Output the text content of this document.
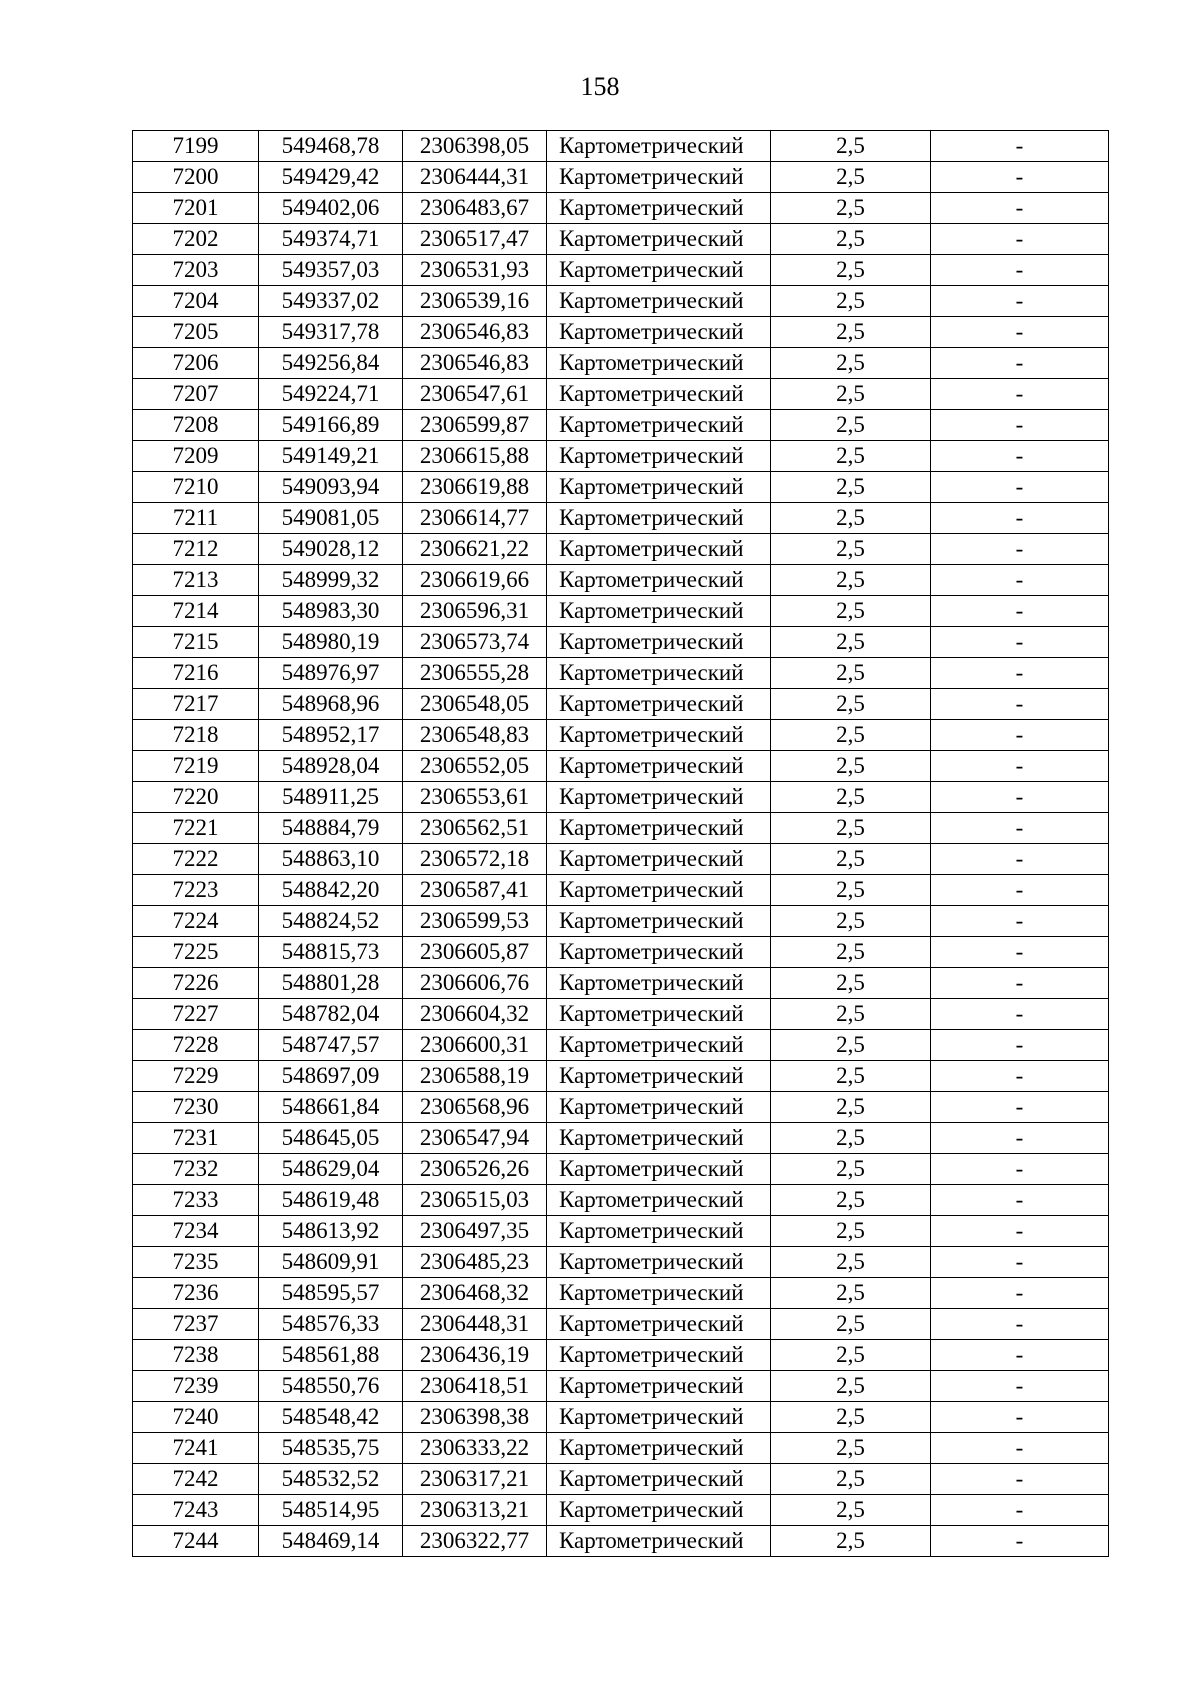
158
7199	549468,78	2306398,05	Картометрический	2,5	-
7200	549429,42	2306444,31	Картометрический	2,5	-
7201	549402,06	2306483,67	Картометрический	2,5	-
7202	549374,71	2306517,47	Картометрический	2,5	-
7203	549357,03	2306531,93	Картометрический	2,5	-
7204	549337,02	2306539,16	Картометрический	2,5	-
7205	549317,78	2306546,83	Картометрический	2,5	-
7206	549256,84	2306546,83	Картометрический	2,5	-
7207	549224,71	2306547,61	Картометрический	2,5	-
7208	549166,89	2306599,87	Картометрический	2,5	-
7209	549149,21	2306615,88	Картометрический	2,5	-
7210	549093,94	2306619,88	Картометрический	2,5	-
7211	549081,05	2306614,77	Картометрический	2,5	-
7212	549028,12	2306621,22	Картометрический	2,5	-
7213	548999,32	2306619,66	Картометрический	2,5	-
7214	548983,30	2306596,31	Картометрический	2,5	-
7215	548980,19	2306573,74	Картометрический	2,5	-
7216	548976,97	2306555,28	Картометрический	2,5	-
7217	548968,96	2306548,05	Картометрический	2,5	-
7218	548952,17	2306548,83	Картометрический	2,5	-
7219	548928,04	2306552,05	Картометрический	2,5	-
7220	548911,25	2306553,61	Картометрический	2,5	-
7221	548884,79	2306562,51	Картометрический	2,5	-
7222	548863,10	2306572,18	Картометрический	2,5	-
7223	548842,20	2306587,41	Картометрический	2,5	-
7224	548824,52	2306599,53	Картометрический	2,5	-
7225	548815,73	2306605,87	Картометрический	2,5	-
7226	548801,28	2306606,76	Картометрический	2,5	-
7227	548782,04	2306604,32	Картометрический	2,5	-
7228	548747,57	2306600,31	Картометрический	2,5	-
7229	548697,09	2306588,19	Картометрический	2,5	-
7230	548661,84	2306568,96	Картометрический	2,5	-
7231	548645,05	2306547,94	Картометрический	2,5	-
7232	548629,04	2306526,26	Картометрический	2,5	-
7233	548619,48	2306515,03	Картометрический	2,5	-
7234	548613,92	2306497,35	Картометрический	2,5	-
7235	548609,91	2306485,23	Картометрический	2,5	-
7236	548595,57	2306468,32	Картометрический	2,5	-
7237	548576,33	2306448,31	Картометрический	2,5	-
7238	548561,88	2306436,19	Картометрический	2,5	-
7239	548550,76	2306418,51	Картометрический	2,5	-
7240	548548,42	2306398,38	Картометрический	2,5	-
7241	548535,75	2306333,22	Картометрический	2,5	-
7242	548532,52	2306317,21	Картометрический	2,5	-
7243	548514,95	2306313,21	Картометрический	2,5	-
7244	548469,14	2306322,77	Картометрический	2,5	-
